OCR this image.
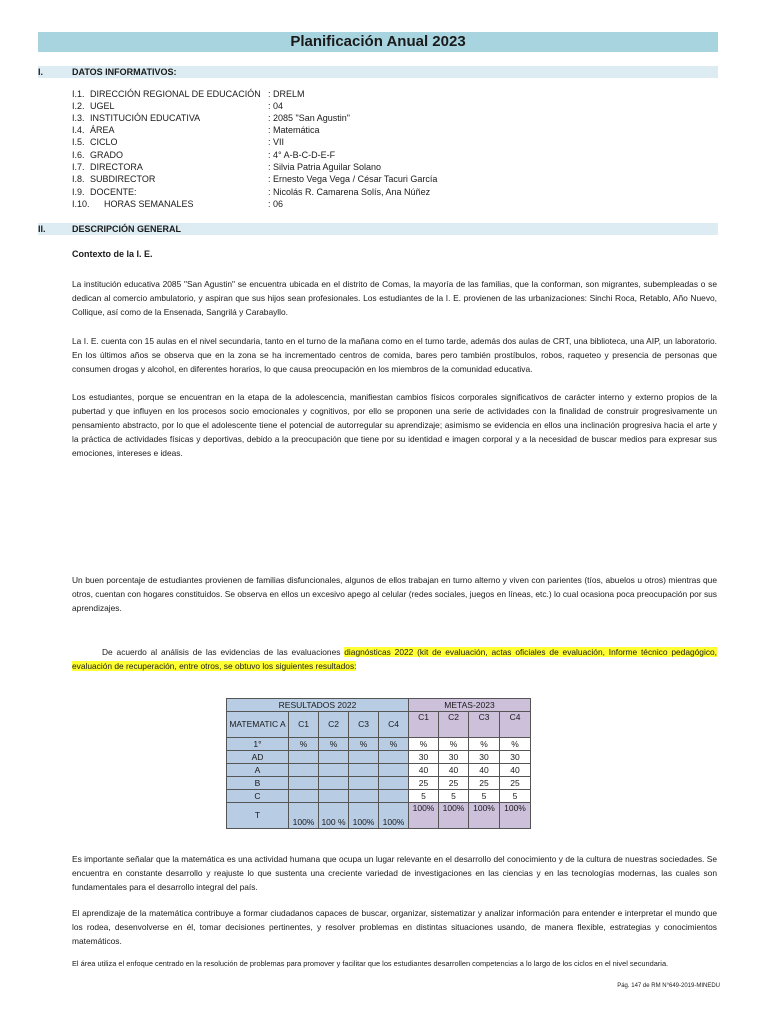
Planificación Anual 2023
I.	DATOS INFORMATIVOS:
I.1. DIRECCIÓN REGIONAL DE EDUCACIÓN : DRELM
I.2. UGEL	: 04
I.3. INSTITUCIÓN EDUCATIVA	: 2085 "San Agustin"
I.4. ÁREA	: Matemática
I.5. CICLO	: VII
I.6. GRADO	: 4° A-B-C-D-E-F
I.7. DIRECTORA	: Silvia Patria Aguilar Solano
I.8. SUBDIRECTOR	: Ernesto Vega Vega / César Tacuri García
I.9. DOCENTE:	: Nicolás R. Camarena Solís, Ana Núñez
I.10. HORAS SEMANALES	: 06
II.	DESCRIPCIÓN GENERAL
Contexto de la I. E.

La institución educativa 2085 "San Agustin" se encuentra ubicada en el distrito de Comas, la mayoría de las familias, que la conforman, son migrantes, subempleadas o se dedican al comercio ambulatorio, y aspiran que sus hijos sean profesionales. Los estudiantes de la I. E. provienen de las urbanizaciones: Sinchi Roca, Retablo, Año Nuevo, Collique, así como de la Ensenada, Sangrilá y Carabayllo.

La I. E. cuenta con 15 aulas en el nivel secundaria, tanto en el turno de la mañana como en el turno tarde, además dos aulas de CRT, una biblioteca, una AIP, un laboratorio. En los últimos años se observa que en la zona se ha incrementado centros de comida, bares pero también prostíbulos, robos, raqueteo y presencia de personas que consumen drogas y alcohol, en diferentes horarios, lo que causa preocupación en los miembros de la comunidad educativa.

Los estudiantes, porque se encuentran en la etapa de la adolescencia, manifiestan cambios físicos corporales significativos de carácter interno y externo propios de la pubertad y que influyen en los procesos socio emocionales y cognitivos, por ello se proponen una serie de actividades con la finalidad de construir progresivamente un pensamiento abstracto, por lo que el adolescente tiene el potencial de autorregular su aprendizaje; asimismo se evidencia en ellos una inclinación progresiva hacia el arte y la práctica de actividades físicas y deportivas, debido a la preocupación que tiene por su identidad e imagen corporal y a la necesidad de buscar medios para expresar sus emociones, intereses e ideas.

Un buen porcentaje de estudiantes provienen de familias disfuncionales, algunos de ellos trabajan en turno alterno y viven con parientes (tíos, abuelos u otros) mientras que otros, cuentan con hogares constituidos. Se observa en ellos un excesivo apego al celular (redes sociales, juegos en líneas, etc.) lo cual ocasiona poca preocupación por sus aprendizajes.

De acuerdo al análisis de las evidencias de las evaluaciones diagnósticas 2022 (kit de evaluación, actas oficiales de evaluación, Informe técnico pedagógico, evaluación de recuperación, entre otros, se obtuvo los siguientes resultados:

RESULTADOS 2022					METAS-2023			
MATEMATIC A	C1	C2	C3	C4	C1	C2	C3	C4
1°	%	%	%	%	%	%	%	%
AD					30	30	30	30
A					40	40	40	40
B					25	25	25	25
C					5	5	5	5
T	100%	100 %	100%	100%	100%	100%	100%	100%

Es importante señalar que la matemática es una actividad humana que ocupa un lugar relevante en el desarrollo del conocimiento y de la cultura de nuestras sociedades. Se encuentra en constante desarrollo y reajuste lo que sustenta una creciente variedad de investigaciones en las ciencias y en las tecnologías modernas, las cuales son fundamentales para el desarrollo integral del país.

El aprendizaje de la matemática contribuye a formar ciudadanos capaces de buscar, organizar, sistematizar y analizar información para entender e interpretar el mundo que los rodea, desenvolverse en él, tomar decisiones pertinentes, y resolver problemas en distintas situaciones usando, de manera flexible, estrategias y conocimientos matemáticos.

El área utiliza el enfoque centrado en la resolución de problemas para promover y facilitar que los estudiantes desarrollen competencias a lo largo de los ciclos en el nivel secundaria.

Pág. 147 de RM N°649-2019-MINEDU
